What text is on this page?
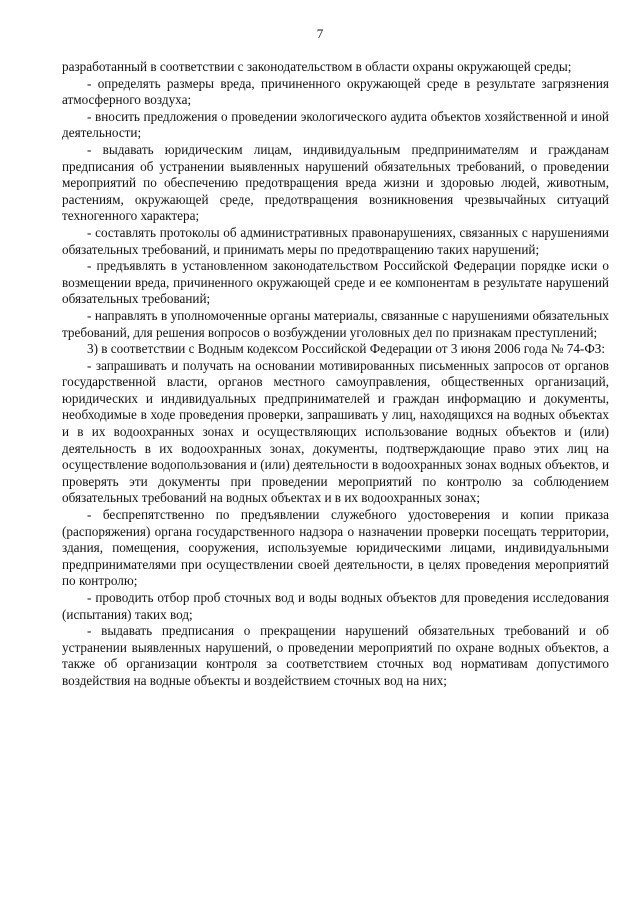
7

разработанный в соответствии с законодательством в области охраны окружающей среды;

- определять размеры вреда, причиненного окружающей среде в результате загрязнения атмосферного воздуха;

- вносить предложения о проведении экологического аудита объектов хозяйственной и иной деятельности;

- выдавать юридическим лицам, индивидуальным предпринимателям и гражданам предписания об устранении выявленных нарушений обязательных требований, о проведении мероприятий по обеспечению предотвращения вреда жизни и здоровью людей, животным, растениям, окружающей среде, предотвращения возникновения чрезвычайных ситуаций техногенного характера;

- составлять протоколы об административных правонарушениях, связанных с нарушениями обязательных требований, и принимать меры по предотвращению таких нарушений;

- предъявлять в установленном законодательством Российской Федерации порядке иски о возмещении вреда, причиненного окружающей среде и ее компонентам в результате нарушений обязательных требований;

- направлять в уполномоченные органы материалы, связанные с нарушениями обязательных требований, для решения вопросов о возбуждении уголовных дел по признакам преступлений;

3) в соответствии с Водным кодексом Российской Федерации от 3 июня 2006 года № 74-ФЗ:

- запрашивать и получать на основании мотивированных письменных запросов от органов государственной власти, органов местного самоуправления, общественных организаций, юридических и индивидуальных предпринимателей и граждан информацию и документы, необходимые в ходе проведения проверки, запрашивать у лиц, находящихся на водных объектах и в их водоохранных зонах и осуществляющих использование водных объектов и (или) деятельность в их водоохранных зонах, документы, подтверждающие право этих лиц на осуществление водопользования и (или) деятельности в водоохранных зонах водных объектов, и проверять эти документы при проведении мероприятий по контролю за соблюдением обязательных требований на водных объектах и в их водоохранных зонах;

- беспрепятственно по предъявлении служебного удостоверения и копии приказа (распоряжения) органа государственного надзора о назначении проверки посещать территории, здания, помещения, сооружения, используемые юридическими лицами, индивидуальными предпринимателями при осуществлении своей деятельности, в целях проведения мероприятий по контролю;

- проводить отбор проб сточных вод и воды водных объектов для проведения исследования (испытания) таких вод;

- выдавать предписания о прекращении нарушений обязательных требований и об устранении выявленных нарушений, о проведении мероприятий по охране водных объектов, а также об организации контроля за соответствием сточных вод нормативам допустимого воздействия на водные объекты и воздействием сточных вод на них;
